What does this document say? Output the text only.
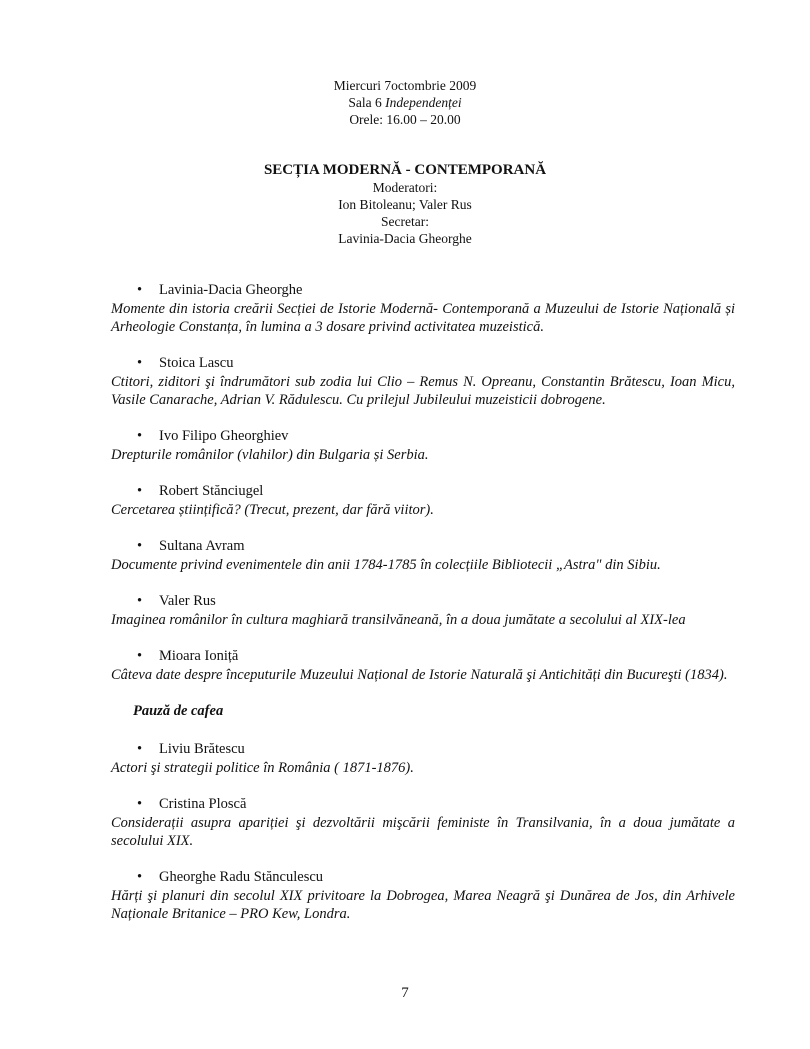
Miercuri 7octombrie 2009
Sala 6 Independenței
Orele: 16.00 – 20.00
SECȚIA MODERNĂ - CONTEMPORANĂ
Moderatori:
Ion Bitoleanu; Valer Rus
Secretar:
Lavinia-Dacia Gheorghe
• Lavinia-Dacia Gheorghe
Momente din istoria creării Secției de Istorie Modernă- Contemporană a Muzeului de Istorie Națională și Arheologie Constanța, în lumina a 3 dosare privind activitatea muzeistică.
• Stoica Lascu
Ctitori, ziditori şi îndrumători sub zodia lui Clio – Remus N. Opreanu, Constantin Brătescu, Ioan Micu, Vasile Canarache, Adrian V. Rădulescu. Cu prilejul Jubileului muzeisticii dobrogene.
• Ivo Filipo Gheorghiev
Drepturile românilor (vlahilor) din Bulgaria și Serbia.
• Robert Stănciugel
Cercetarea științifică? (Trecut, prezent, dar fără viitor).
• Sultana Avram
Documente privind evenimentele din anii 1784-1785 în colecțiile Bibliotecii „Astra" din Sibiu.
• Valer Rus
Imaginea românilor în cultura maghiară transilvăneană, în a doua jumătate a secolului al XIX-lea
• Mioara Ioniță
Câteva date despre începuturile Muzeului Național de Istorie Naturală şi Antichități din Bucureşti (1834).
Pauză de cafea
• Liviu Brătescu
Actori şi strategii politice în România ( 1871-1876).
• Cristina Ploscă
Considerații asupra apariției şi dezvoltării mişcării feministe în Transilvania, în a doua jumătate a secolului XIX.
• Gheorghe Radu Stănculescu
Hărți şi planuri din secolul XIX privitoare la Dobrogea, Marea Neagră şi Dunărea de Jos, din Arhivele Naționale Britanice – PRO Kew, Londra.
7
